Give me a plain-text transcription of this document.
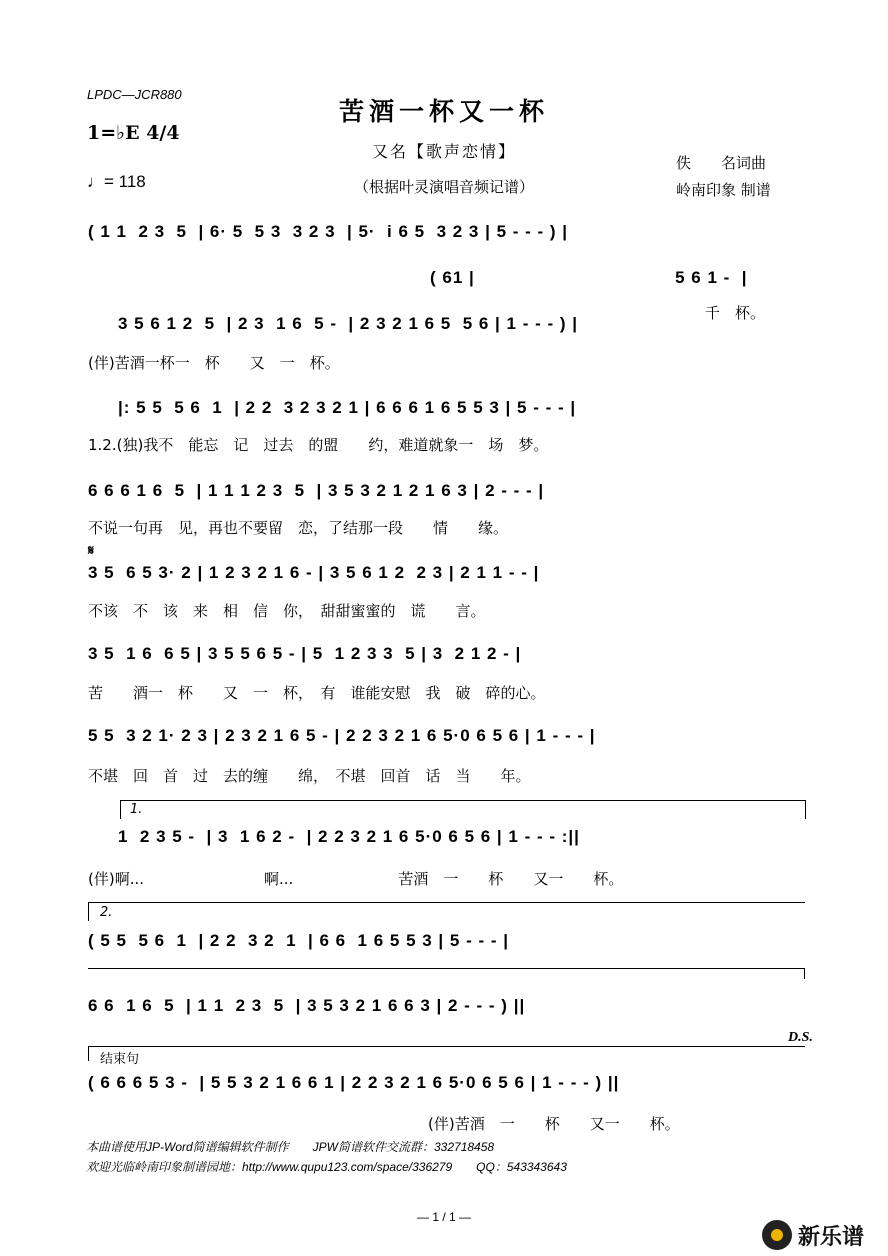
LPDC—JCR880
苦酒一杯又一杯
又名【歌声恋情】
（根据叶灵演唱音频记谱）
佚　　名词曲
岭南印象 制谱
1=♭E 4/4
♩= 118
( 1 1  2 3  5  | 6· 5  5 3  3 2 3  | 5·  i 6 5  3 2 3 | 5 - - - ) |
( 61 |                                   5 6 1 -  |
千　杯。
3 5 6 1 2  5  | 2 3  1 6  5 -  | 2 3 2 1 6 5  5 6 | 1 - - - ) |
(伴)苦酒一杯一　杯　　又　一　杯。
|: 5 5  5 6  1  | 2 2  3 2 3 2 1 | 6 6 6 1 6 5 5 3 | 5 - - - |
1.2.(独)我不　能忘　记　过去　的盟　　约，难道就象一　场　梦。
6 6 6 1 6  5  | 1 1 1 2 3  5  | 3 5 3 2 1 2 1 6 3 | 2 - - - |
不说一句再　见，再也不要留　恋，了结那一段　　情　　缘。
𝄋
3 5  6 5 3· 2 | 1 2 3 2 1 6 - | 3 5 6 1 2  2 3 | 2 1 1 - - |
不该　不　该　来　相　信　你，　甜甜蜜蜜的　谎　　言。
3 5  1 6  6 5 | 3 5 5 6 5 - | 5  1 2 3 3  5 | 3  2 1 2 - |
苦　　酒一　杯　　又　一　杯，　有　谁能安慰　我　破　碎的心。
5 5  3 2 1· 2 3 | 2 3 2 1 6 5 - | 2 2 3 2 1 6 5·0 6 5 6 | 1 - - - |
不堪　回　首　过　去的缠　　绵，　不堪　回首　话　当　　年。
1.
1  2 3 5 -  | 3  1 6 2 -  | 2 2 3 2 1 6 5·0 6 5 6 | 1 - - - :||
(伴)啊...　　　　　　　　啊...　　　　　　　苦酒　一　　杯　　又一　　杯。
2.
( 5 5  5 6  1  | 2 2  3 2  1  | 6 6  1 6 5 5 3 | 5 - - - |
6 6  1 6  5  | 1 1  2 3  5  | 3 5 3 2 1 6 6 3 | 2 - - - ) ||
D.S.
结束句
( 6 6 6 5 3 -  | 5 5 3 2 1 6 6 1 | 2 2 3 2 1 6 5·0 6 5 6 | 1 - - - ) ||
(伴)苦酒　一　　杯　　又一　　杯。
本曲谱使用JP-Word简谱编辑软件制作　　JPW简谱软件交流群：332718458
欢迎光临岭南印象制谱园地：http://www.qupu123.com/space/336279　　QQ：543343643
— 1 / 1 —
新乐谱
